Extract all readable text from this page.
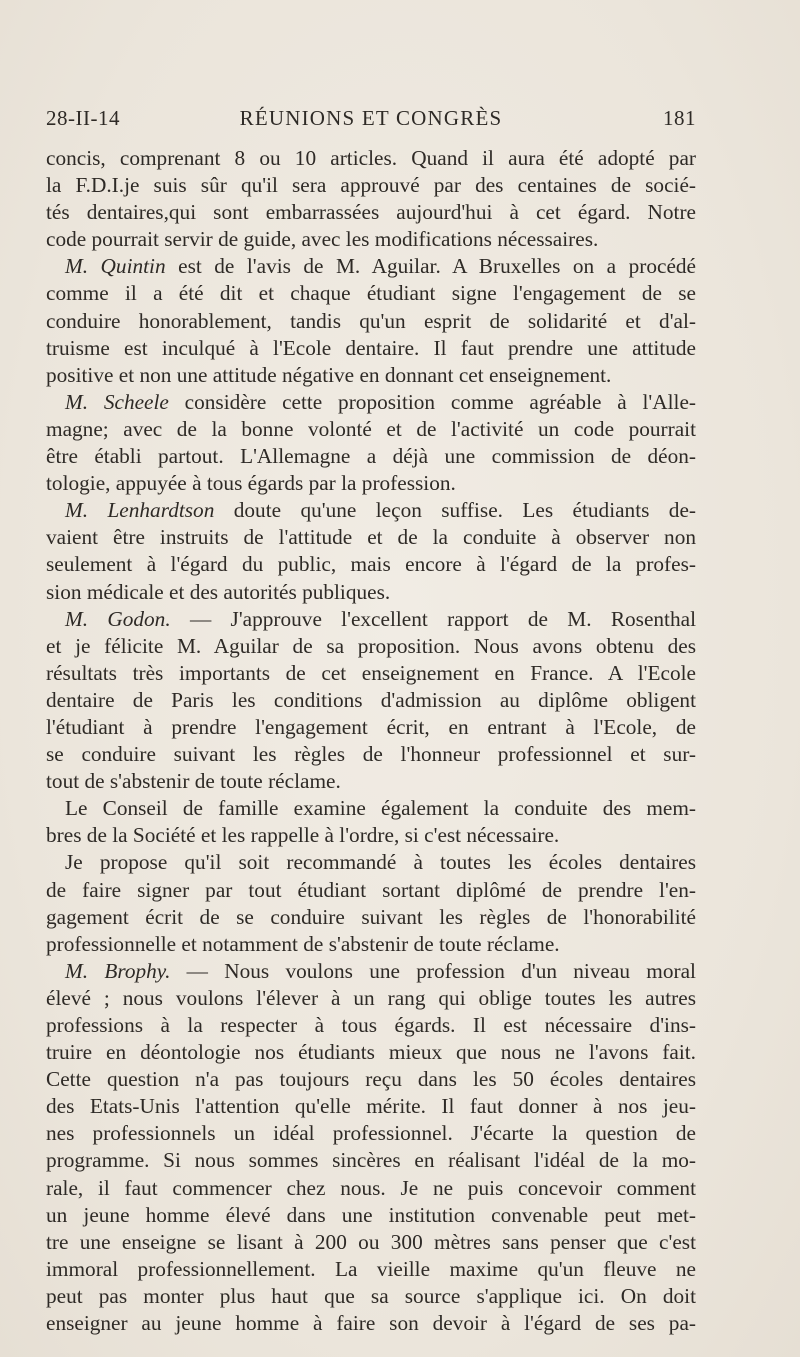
28-II-14	RÉUNIONS ET CONGRÈS	181
concis, comprenant 8 ou 10 articles. Quand il aura été adopté par
la F.D.I.je suis sûr qu'il sera approuvé par des centaines de socié-
tés dentaires,qui sont embarrassées aujourd'hui à cet égard. Notre
code pourrait servir de guide, avec les modifications nécessaires.
M. Quintin est de l'avis de M. Aguilar. A Bruxelles on a procédé
comme il a été dit et chaque étudiant signe l'engagement de se
conduire honorablement, tandis qu'un esprit de solidarité et d'al-
truisme est inculqué à l'Ecole dentaire. Il faut prendre une attitude
positive et non une attitude négative en donnant cet enseignement.
M. Scheele considère cette proposition comme agréable à l'Alle-
magne; avec de la bonne volonté et de l'activité un code pourrait
être établi partout. L'Allemagne a déjà une commission de déon-
tologie, appuyée à tous égards par la profession.
M. Lenhardtson doute qu'une leçon suffise. Les étudiants de-
vaient être instruits de l'attitude et de la conduite à observer non
seulement à l'égard du public, mais encore à l'égard de la profes-
sion médicale et des autorités publiques.
M. Godon. — J'approuve l'excellent rapport de M. Rosenthal
et je félicite M. Aguilar de sa proposition. Nous avons obtenu des
résultats très importants de cet enseignement en France. A l'Ecole
dentaire de Paris les conditions d'admission au diplôme obligent
l'étudiant à prendre l'engagement écrit, en entrant à l'Ecole, de
se conduire suivant les règles de l'honneur professionnel et sur-
tout de s'abstenir de toute réclame.
Le Conseil de famille examine également la conduite des mem-
bres de la Société et les rappelle à l'ordre, si c'est nécessaire.
Je propose qu'il soit recommandé à toutes les écoles dentaires
de faire signer par tout étudiant sortant diplômé de prendre l'en-
gagement écrit de se conduire suivant les règles de l'honorabilité
professionnelle et notamment de s'abstenir de toute réclame.
M. Brophy. — Nous voulons une profession d'un niveau moral
élevé ; nous voulons l'élever à un rang qui oblige toutes les autres
professions à la respecter à tous égards. Il est nécessaire d'ins-
truire en déontologie nos étudiants mieux que nous ne l'avons fait.
Cette question n'a pas toujours reçu dans les 50 écoles dentaires
des Etats-Unis l'attention qu'elle mérite. Il faut donner à nos jeu-
nes professionnels un idéal professionnel. J'écarte la question de
programme. Si nous sommes sincères en réalisant l'idéal de la mo-
rale, il faut commencer chez nous. Je ne puis concevoir comment
un jeune homme élevé dans une institution convenable peut met-
tre une enseigne se lisant à 200 ou 300 mètres sans penser que c'est
immoral professionnellement. La vieille maxime qu'un fleuve ne
peut pas monter plus haut que sa source s'applique ici. On doit
enseigner au jeune homme à faire son devoir à l'égard de ses pa-
